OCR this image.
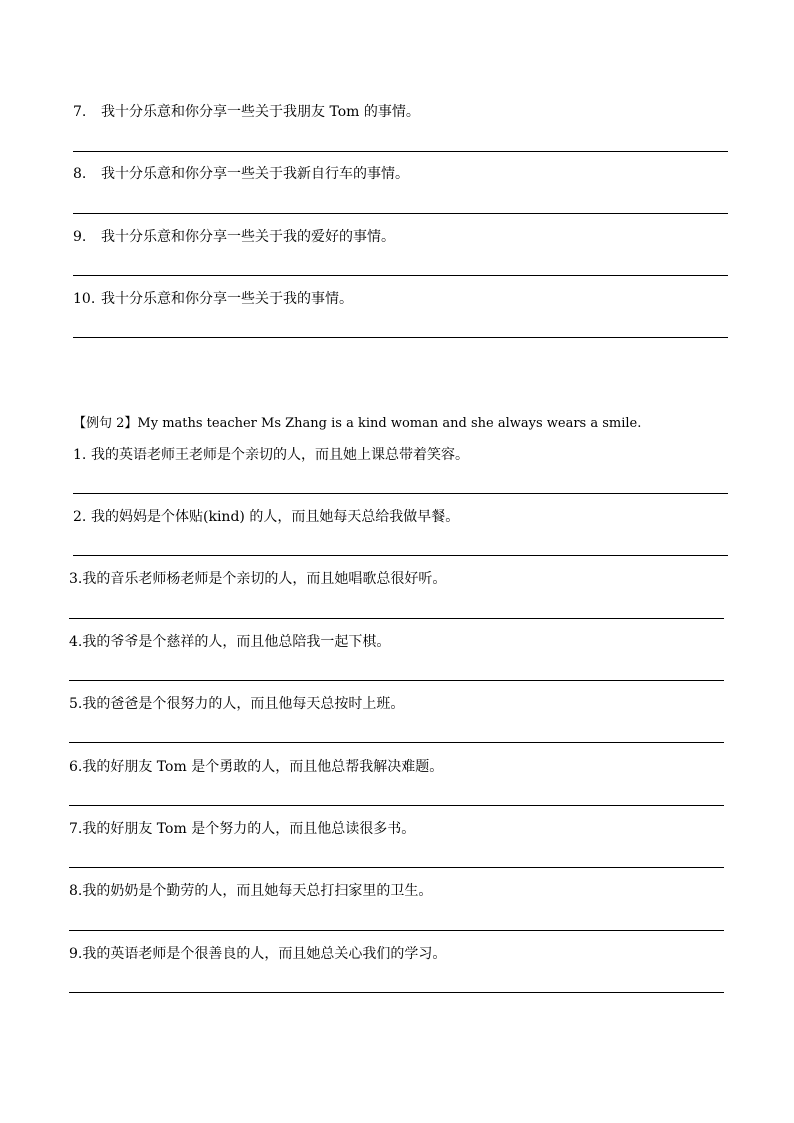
7. 我十分乐意和你分享一些关于我朋友 Tom 的事情。
8. 我十分乐意和你分享一些关于我新自行车的事情。
9. 我十分乐意和你分享一些关于我的爱好的事情。
10. 我十分乐意和你分享一些关于我的事情。
【例句 2】My maths teacher Ms Zhang is a kind woman and she always wears a smile.
1. 我的英语老师王老师是个亲切的人，而且她上课总带着笑容。
2. 我的妈妈是个体贴(kind) 的人，而且她每天总给我做早餐。
3.我的音乐老师杨老师是个亲切的人，而且她唱歌总很好听。
4.我的爷爷是个慈祥的人，而且他总陪我一起下棋。
5.我的爸爸是个很努力的人，而且他每天总按时上班。
6.我的好朋友 Tom 是个勇敢的人，而且他总帮我解决难题。
7.我的好朋友 Tom 是个努力的人，而且他总读很多书。
8.我的奶奶是个勤劳的人，而且她每天总打扫家里的卫生。
9.我的英语老师是个很善良的人，而且她总关心我们的学习。
